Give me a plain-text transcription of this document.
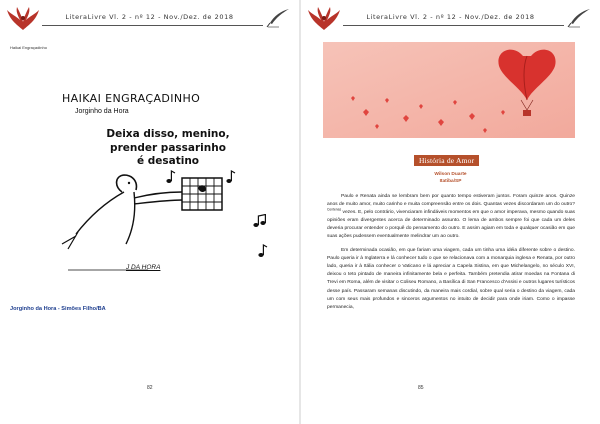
LiteraLivre Vl. 2 - nº 12 - Nov./Dez. de 2018
Haikai Engraçadinho
HAIKAI ENGRAÇADINHO
Jorginho da Hora
Deixa disso, menino,
prender passarinho
é desatino
J DA HORA
Jorginho da Hora - Simões Filho/BA
82
LiteraLivre Vl. 2 - nº 12 - Nov./Dez. de 2018
História de Amor
Wilson Duarte
Itatiba/SP

Paulo e Renata ainda se lembram bem por quanto tempo estiveram juntos. Foram quinze anos. Quinze anos de muito amor, muito carinho e muita compreensão entre os dois. Quantas vezes discordaram um do outro? $^{Centenas}$ vezes. E, pelo contrário, vivenciaram infindáveis momentos em que o amor imperava, mesmo quando suas opiniões eram divergentes acerca de determinado assunto. O lema de ambos sempre foi que cada um deles deveria procurar entender o porquê do pensamento do outro. E assim agiam em toda e qualquer ocasião em que suas ações pudessem eventualmente melindrar um ao outro.

Em determinada ocasião, em que fariam uma viagem, cada um tinha uma idéia diferente sobre o destino. Paulo queria ir à Inglaterra e lá conhecer tudo o que se relacionava com a monarquia inglesa e Renata, por outro lado, queria ir à Itália conhecer o Vaticano e lá apreciar a Capela Sistina, em que Michelangelo, no século XVI, deixou o teto pintado de maneira infinitamente bela e perfeita. Também pretendia atirar moedas na Fontana di Trevi em Roma, além de visitar o Coliseu Romano, a Basílica di San Francesco d'Assisi e outros lugares turísticos desse país. Passaram semanas discutindo, da maneira mais cordial, sobre qual seria o destino da viagem, cada um com seus mais profundos e sinceros argumentos no intuito de decidir para onde iriam. Como o impasse permanecia,

85
